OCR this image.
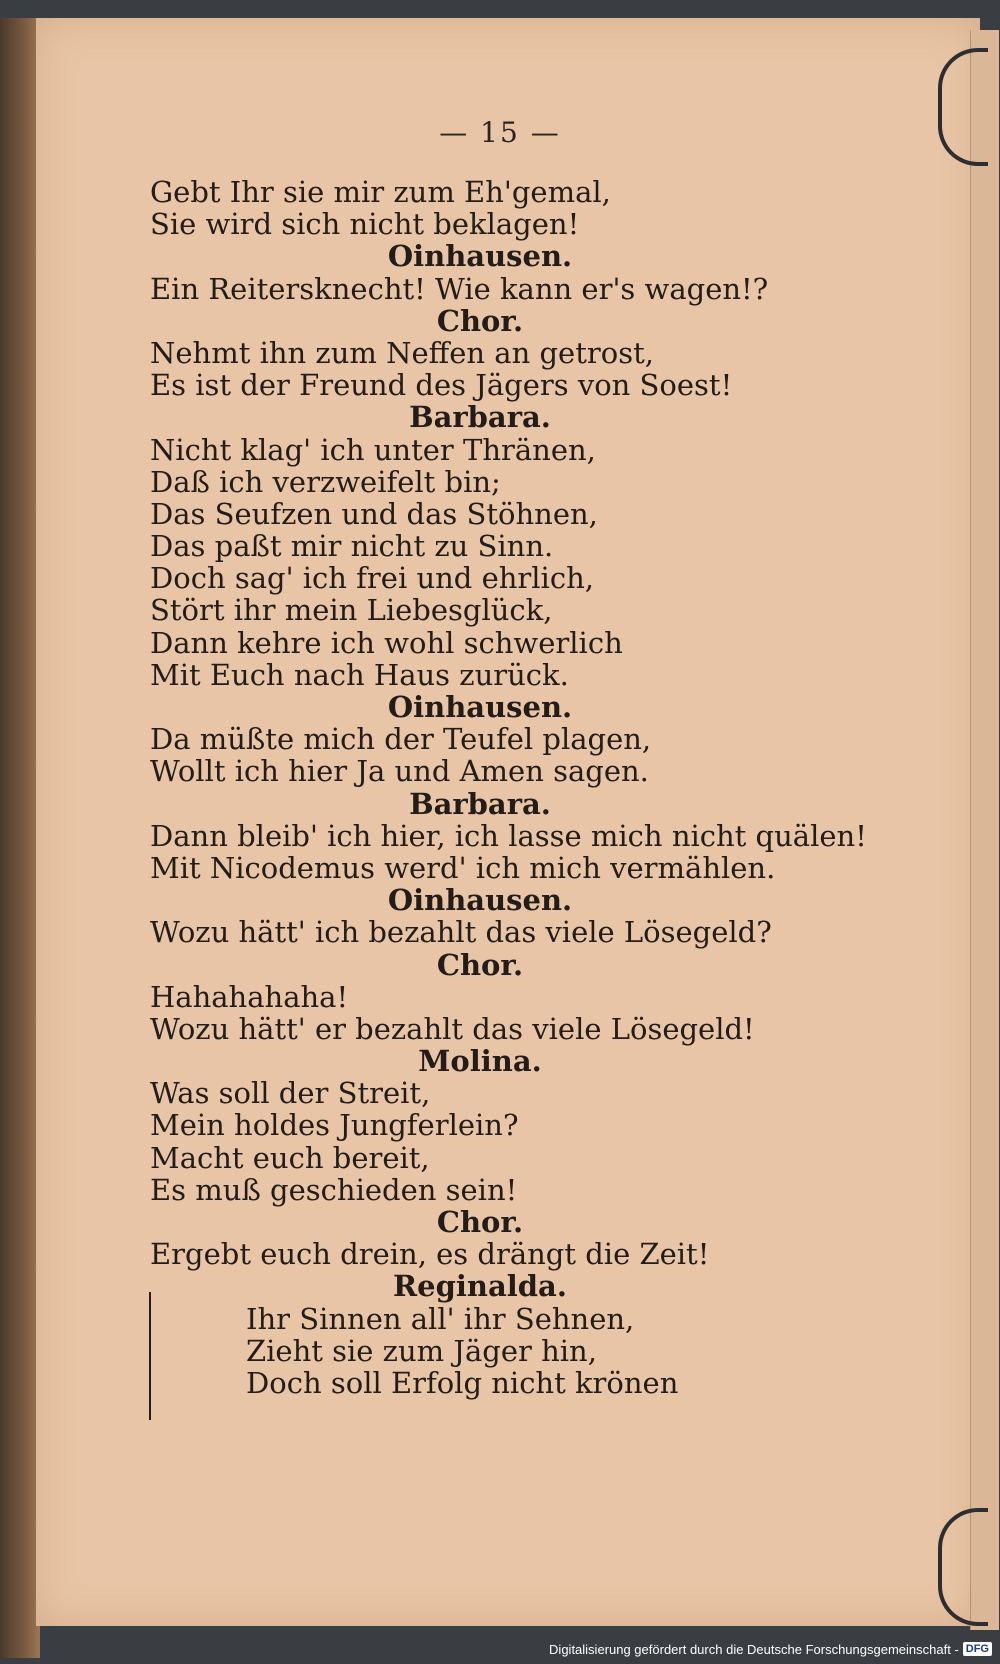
— 15 —
Gebt Ihr sie mir zum Eh'gemal,
Sie wird sich nicht beklagen!
Oinhausen.
Ein Reitersknecht! Wie kann er's wagen!?
Chor.
Nehmt ihn zum Neffen an getrost,
Es ist der Freund des Jägers von Soest!
Barbara.
Nicht klag' ich unter Thränen,
Daß ich verzweifelt bin;
Das Seufzen und das Stöhnen,
Das paßt mir nicht zu Sinn.
Doch sag' ich frei und ehrlich,
Stört ihr mein Liebesglück,
Dann kehre ich wohl schwerlich
Mit Euch nach Haus zurück.
Oinhausen.
Da müßte mich der Teufel plagen,
Wollt ich hier Ja und Amen sagen.
Barbara.
Dann bleib' ich hier, ich lasse mich nicht quälen!
Mit Nicodemus werd' ich mich vermählen.
Oinhausen.
Wozu hätt' ich bezahlt das viele Lösegeld?
Chor.
Hahahahaha!
Wozu hätt' er bezahlt das viele Lösegeld!
Molina.
Was soll der Streit,
Mein holdes Jungferlein?
Macht euch bereit,
Es muß geschieden sein!
Chor.
Ergebt euch drein, es drängt die Zeit!
Reginalda.
Ihr Sinnen all' ihr Sehnen,
Zieht sie zum Jäger hin,
Doch soll Erfolg nicht krönen
Digitalisierung gefördert durch die Deutsche Forschungsgemeinschaft - DFG
